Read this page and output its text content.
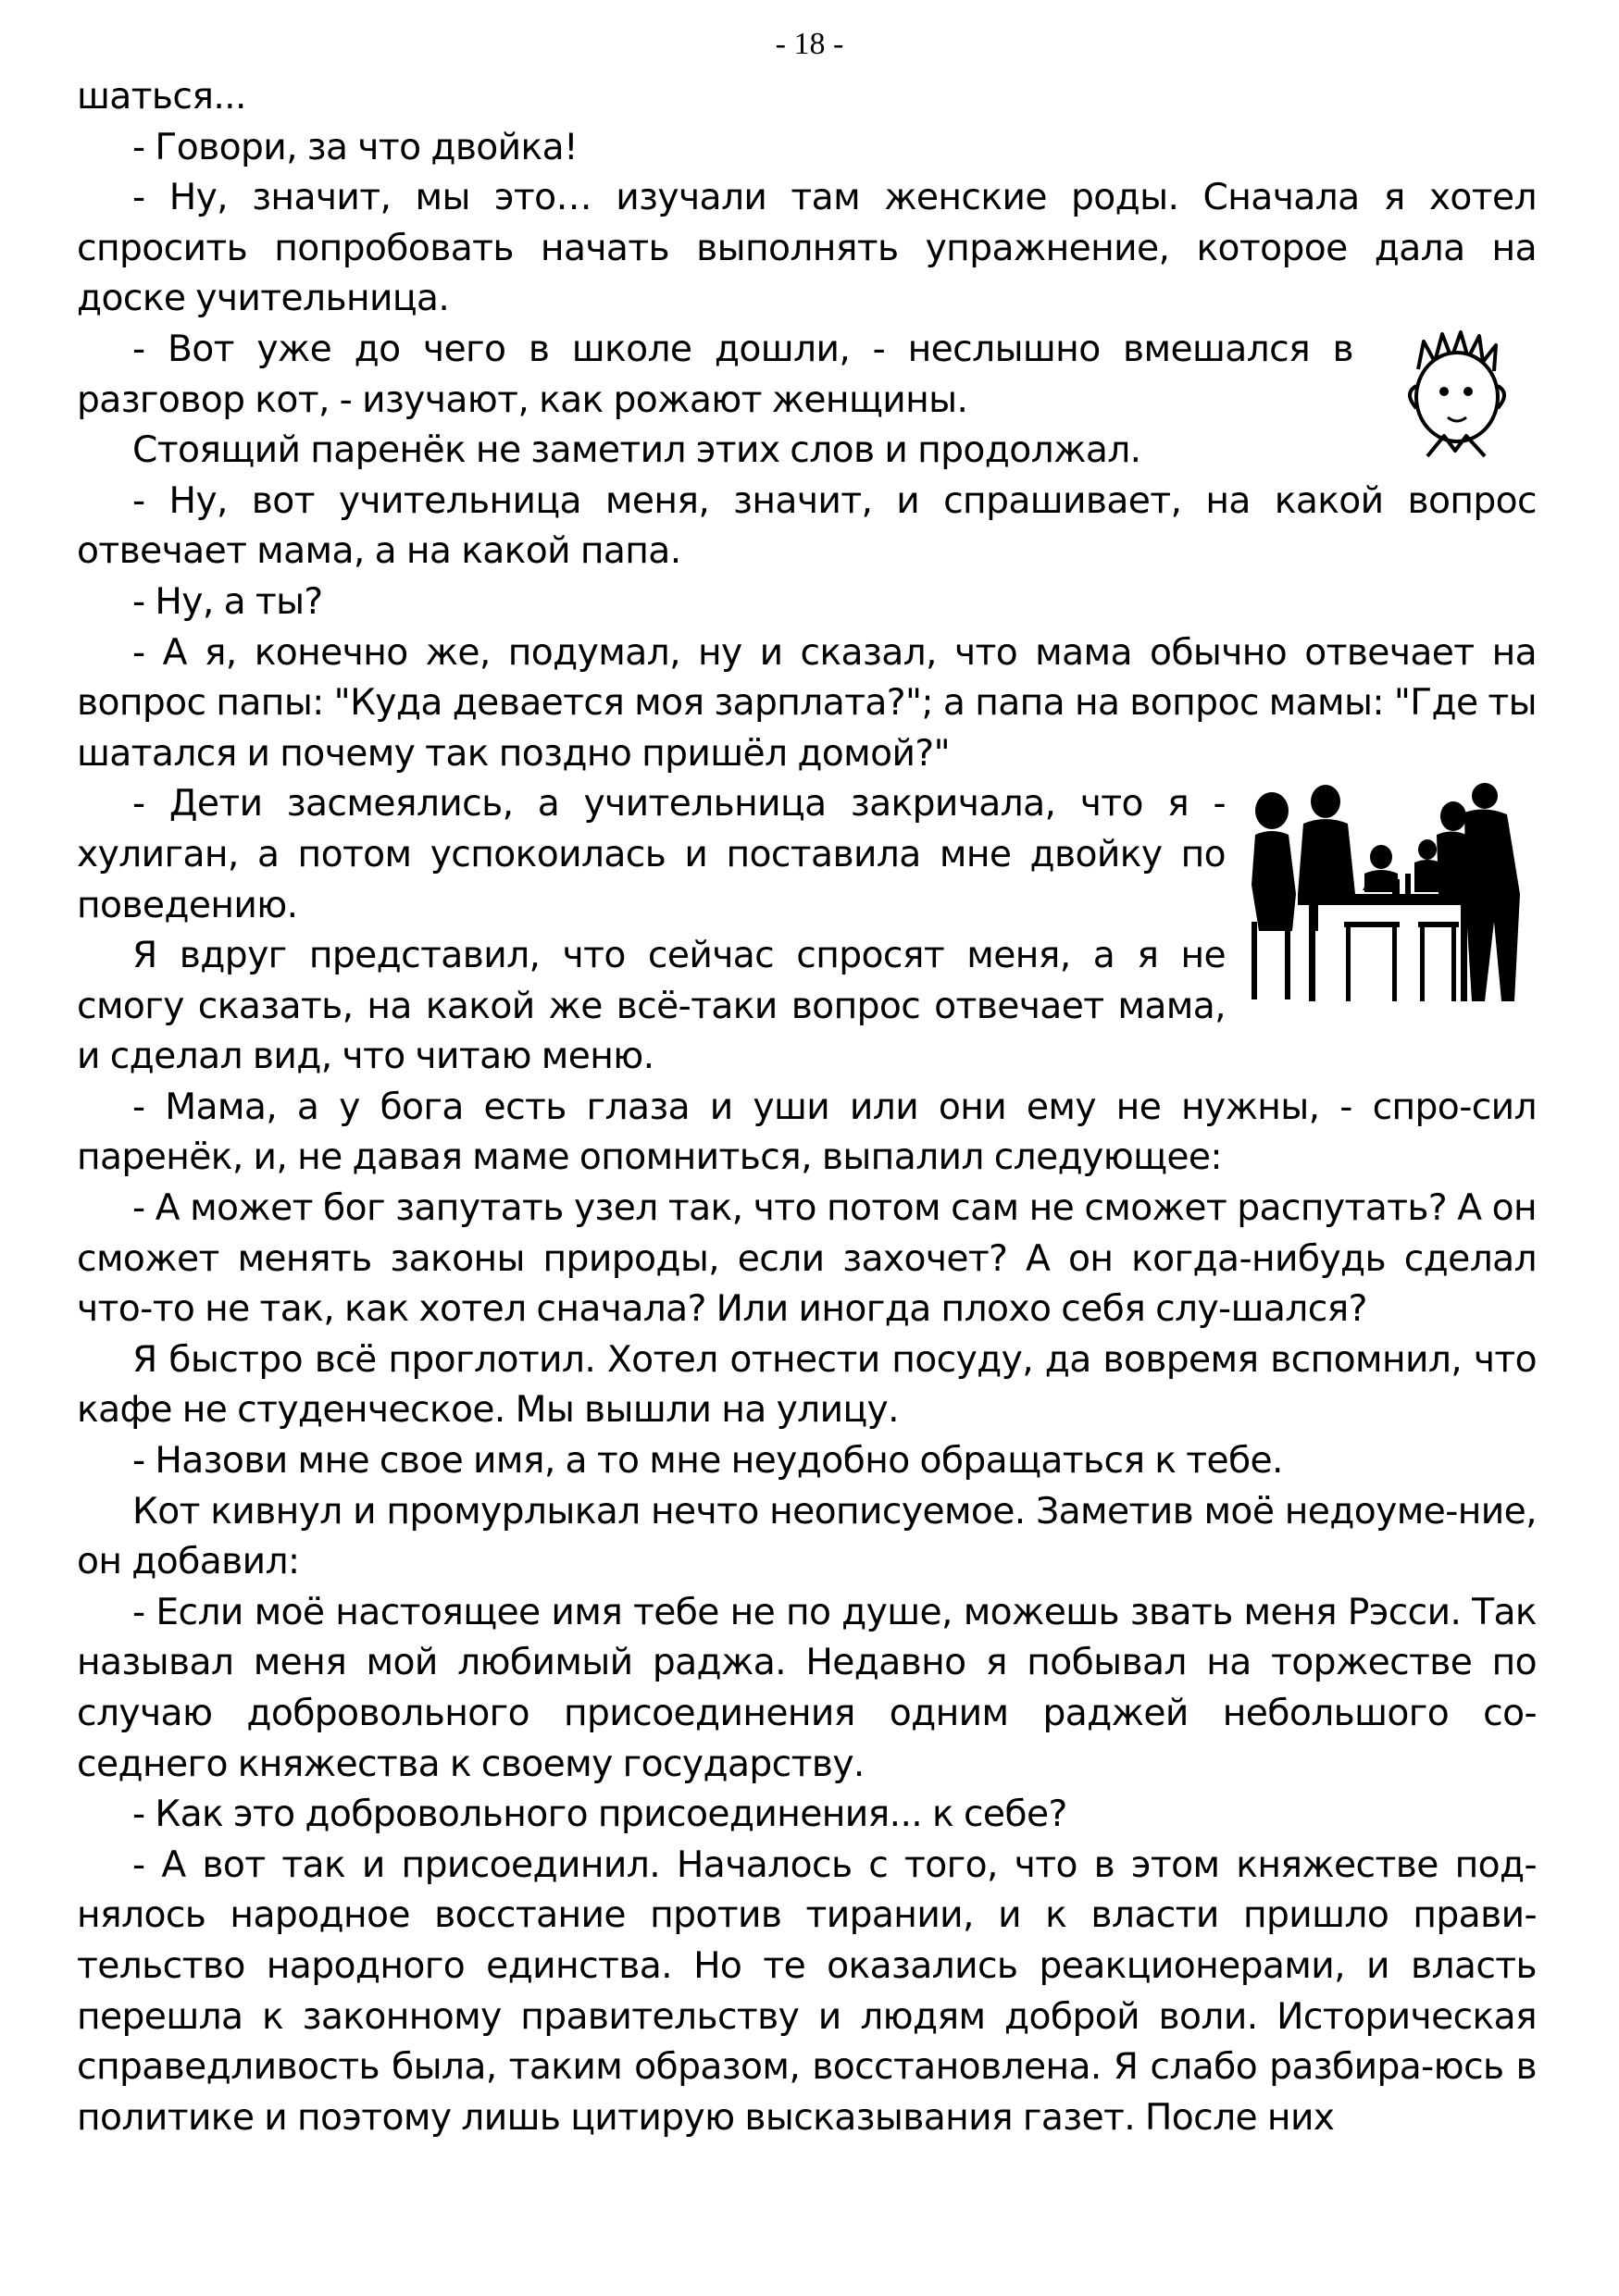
- 18 -

шаться...

- Говори, за что двойка!

- Ну, значит, мы это… изучали там женские роды. Сначала я хотел спросить попробовать начать выполнять упражнение, которое дала на доске учительница.

- Вот уже до чего в школе дошли, - неслышно вмешался в разговор кот, - изучают, как рожают женщины.

Стоящий паренёк не заметил этих слов и продолжал.

- Ну, вот учительница меня, значит, и спрашивает, на какой вопрос отвечает мама, а на какой папа.

- Ну, а ты?

- А я, конечно же, подумал, ну и сказал, что мама обычно отвечает на вопрос папы: "Куда девается моя зарплата?"; а папа на вопрос мамы: "Где ты шатался и почему так поздно пришёл домой?"

- Дети засмеялись, а учительница закричала, что я - хулиган, а потом успокоилась и поставила мне двойку по поведению.

Я вдруг представил, что сейчас спросят меня, а я не смогу сказать, на какой же всё-таки вопрос отвечает мама, и сделал вид, что читаю меню.

- Мама, а у бога есть глаза и уши или они ему не нужны, - спро-сил паренёк, и, не давая маме опомниться, выпалил следующее:

- А может бог запутать узел так, что потом сам не сможет распутать? А он сможет менять законы природы, если захочет? А он когда-нибудь сделал что-то не так, как хотел сначала? Или иногда плохо себя слу-шался?

Я быстро всё проглотил. Хотел отнести посуду, да вовремя вспомнил, что кафе не студенческое. Мы вышли на улицу.

- Назови мне свое имя, а то мне неудобно обращаться к тебе.

Кот кивнул и промурлыкал нечто неописуемое. Заметив моё недоуме-ние, он добавил:

- Если моё настоящее имя тебе не по душе, можешь звать меня Рэсси. Так называл меня мой любимый раджа. Недавно я побывал на торжестве по случаю добровольного присоединения одним раджей небольшого со-седнего княжества к своему государству.

- Как это добровольного присоединения... к себе?

- А вот так и присоединил. Началось с того, что в этом княжестве под-нялось народное восстание против тирании, и к власти пришло прави-тельство народного единства. Но те оказались реакционерами, и власть перешла к законному правительству и людям доброй воли. Историческая справедливость была, таким образом, восстановлена. Я слабо разбира-юсь в политике и поэтому лишь цитирую высказывания газет. После них
